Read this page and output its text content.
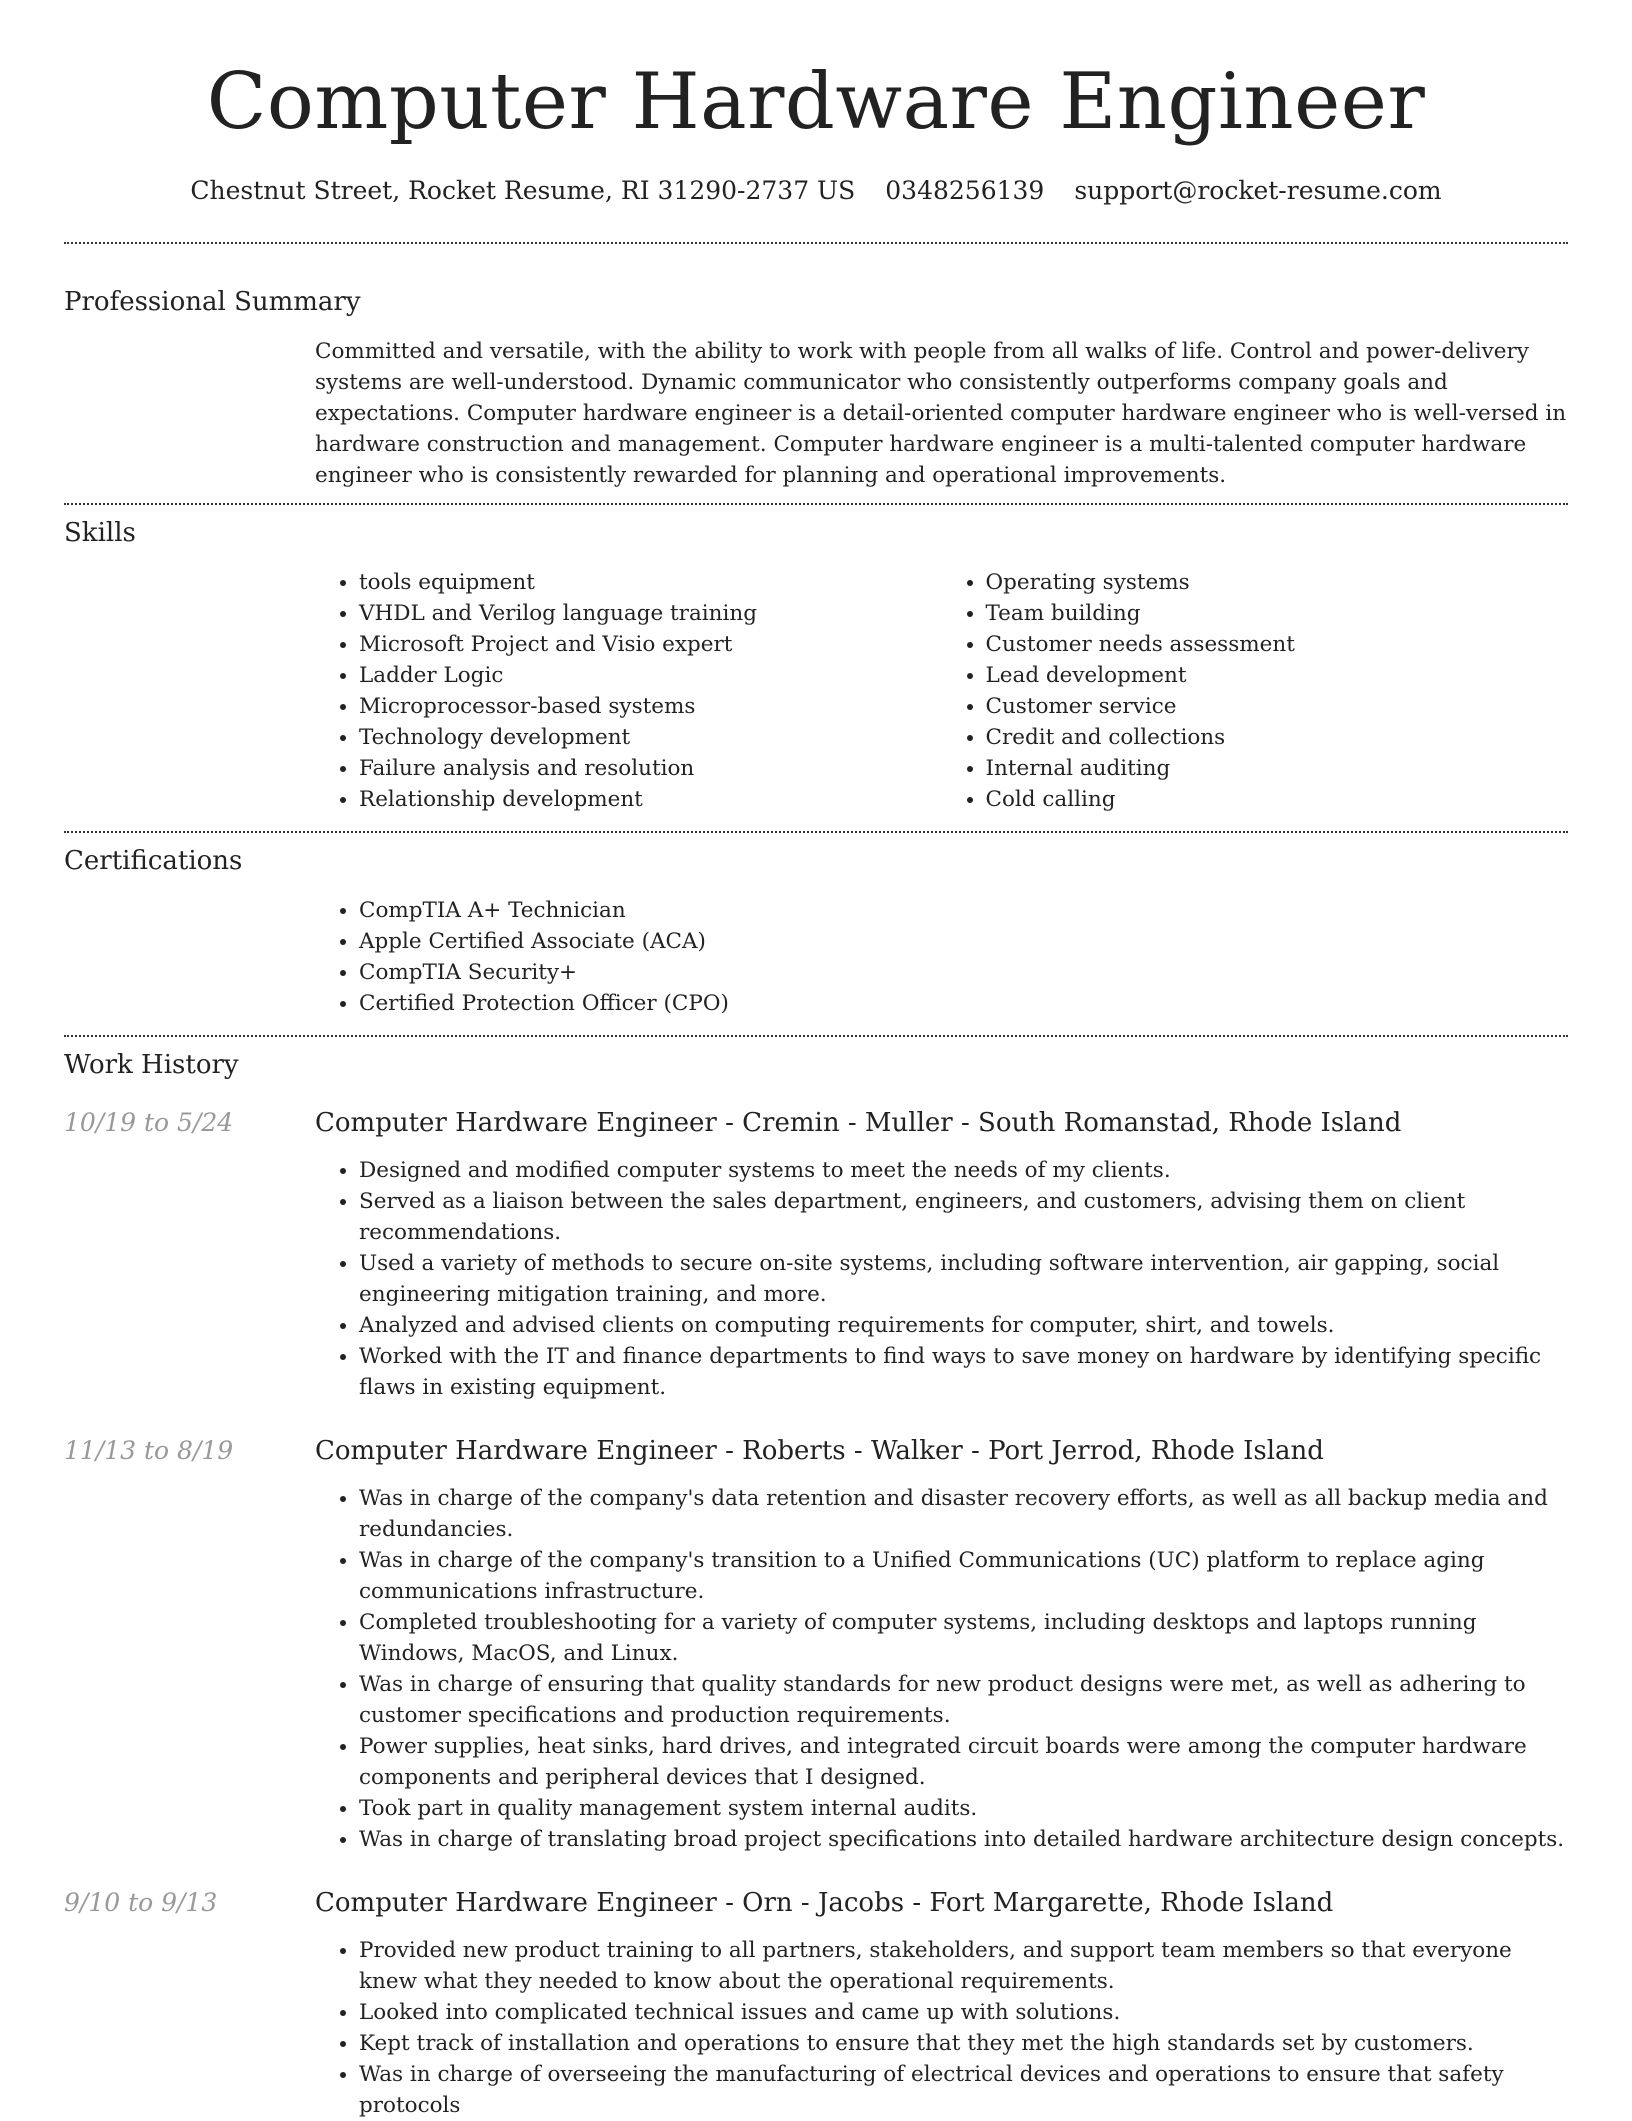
Computer Hardware Engineer
Chestnut Street, Rocket Resume, RI 31290-2737 US 0348256139 support@rocket-resume.com
Professional Summary
Committed and versatile, with the ability to work with people from all walks of life. Control and power-delivery systems are well-understood. Dynamic communicator who consistently outperforms company goals and expectations. Computer hardware engineer is a detail-oriented computer hardware engineer who is well-versed in hardware construction and management. Computer hardware engineer is a multi-talented computer hardware engineer who is consistently rewarded for planning and operational improvements.
Skills
• tools equipment
• VHDL and Verilog language training
• Microsoft Project and Visio expert
• Ladder Logic
• Microprocessor-based systems
• Technology development
• Failure analysis and resolution
• Relationship development
• Operating systems
• Team building
• Customer needs assessment
• Lead development
• Customer service
• Credit and collections
• Internal auditing
• Cold calling
Certifications
• CompTIA A+ Technician
• Apple Certified Associate (ACA)
• CompTIA Security+
• Certified Protection Officer (CPO)
Work History
10/19 to 5/24	Computer Hardware Engineer - Cremin - Muller - South Romanstad, Rhode Island
• Designed and modified computer systems to meet the needs of my clients.
• Served as a liaison between the sales department, engineers, and customers, advising them on client recommendations.
• Used a variety of methods to secure on-site systems, including software intervention, air gapping, social engineering mitigation training, and more.
• Analyzed and advised clients on computing requirements for computer, shirt, and towels.
• Worked with the IT and finance departments to find ways to save money on hardware by identifying specific flaws in existing equipment.
11/13 to 8/19	Computer Hardware Engineer - Roberts - Walker - Port Jerrod, Rhode Island
• Was in charge of the company's data retention and disaster recovery efforts, as well as all backup media and redundancies.
• Was in charge of the company's transition to a Unified Communications (UC) platform to replace aging communications infrastructure.
• Completed troubleshooting for a variety of computer systems, including desktops and laptops running Windows, MacOS, and Linux.
• Was in charge of ensuring that quality standards for new product designs were met, as well as adhering to customer specifications and production requirements.
• Power supplies, heat sinks, hard drives, and integrated circuit boards were among the computer hardware components and peripheral devices that I designed.
• Took part in quality management system internal audits.
• Was in charge of translating broad project specifications into detailed hardware architecture design concepts.
9/10 to 9/13	Computer Hardware Engineer - Orn - Jacobs - Fort Margarette, Rhode Island
• Provided new product training to all partners, stakeholders, and support team members so that everyone knew what they needed to know about the operational requirements.
• Looked into complicated technical issues and came up with solutions.
• Kept track of installation and operations to ensure that they met the high standards set by customers.
• Was in charge of overseeing the manufacturing of electrical devices and operations to ensure that safety protocols
